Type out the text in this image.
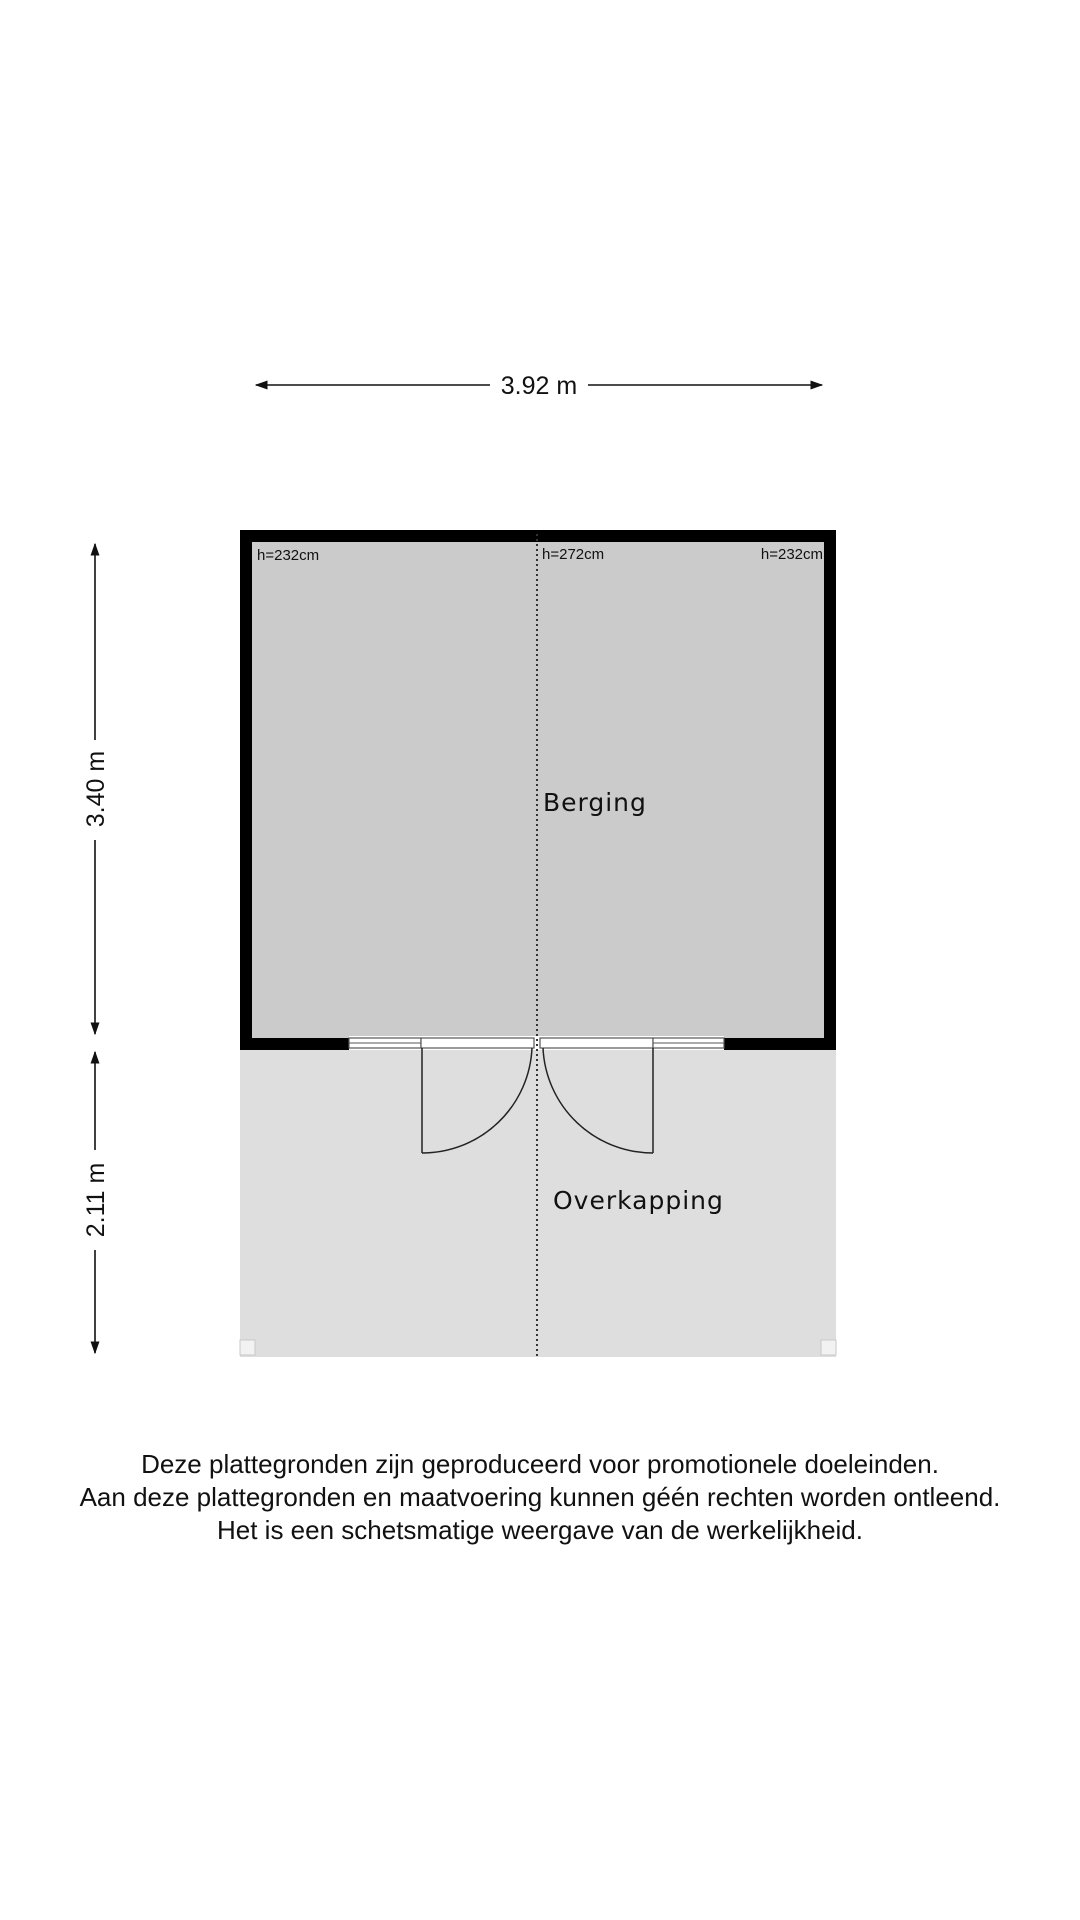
h=232cm	h=272cm	h=232cm
Berging
Overkapping
3.92 m
3.40 m
2.11 m
Deze plattegronden zijn geproduceerd voor promotionele doeleinden.
Aan deze plattegronden en maatvoering kunnen géén rechten worden ontleend.
Het is een schetsmatige weergave van de werkelijkheid.
